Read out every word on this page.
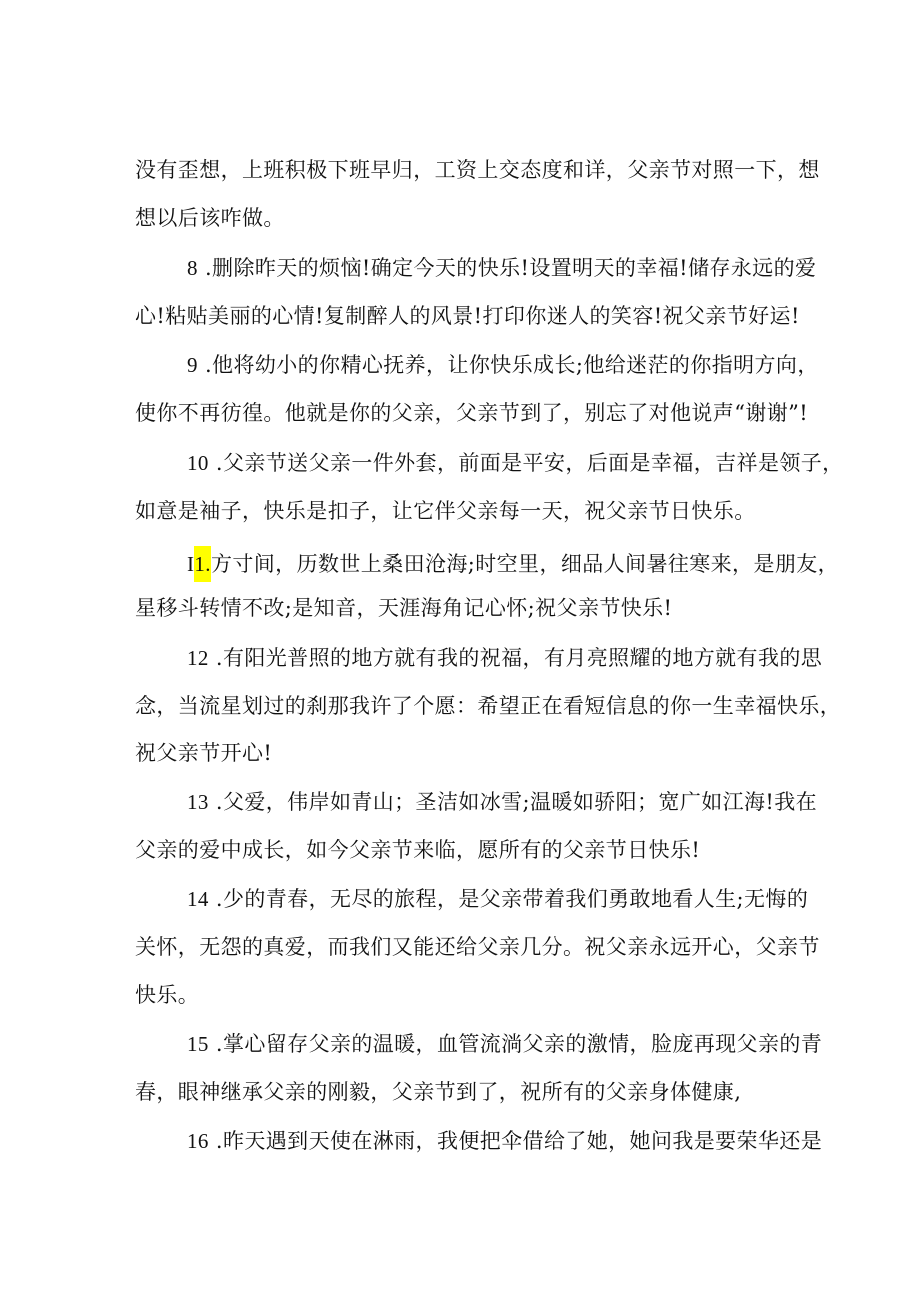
没有歪想，上班积极下班早归，工资上交态度和详，父亲节对照一下，想
想以后该咋做。
8 .删除昨天的烦恼!确定今天的快乐!设置明天的幸福!储存永远的爱
心!粘贴美丽的心情!复制醉人的风景!打印你迷人的笑容!祝父亲节好运!
9 .他将幼小的你精心抚养，让你快乐成长;他给迷茫的你指明方向，
使你不再彷徨。他就是你的父亲，父亲节到了，别忘了对他说声“谢谢”!
10 .父亲节送父亲一件外套，前面是平安，后面是幸福，吉祥是领子，
如意是袖子，快乐是扣子，让它伴父亲每一天，祝父亲节日快乐。
I1.方寸间，历数世上桑田沧海;时空里，细品人间暑往寒来，是朋友，
星移斗转情不改;是知音，天涯海角记心怀;祝父亲节快乐!
12 .有阳光普照的地方就有我的祝福，有月亮照耀的地方就有我的思
念，当流星划过的刹那我许了个愿：希望正在看短信息的你一生幸福快乐，
祝父亲节开心!
13 .父爱，伟岸如青山；圣洁如冰雪;温暖如骄阳；宽广如江海!我在
父亲的爱中成长，如今父亲节来临，愿所有的父亲节日快乐!
14 .少的青春，无尽的旅程，是父亲带着我们勇敢地看人生;无悔的
关怀，无怨的真爱，而我们又能还给父亲几分。祝父亲永远开心，父亲节
快乐。
15 .掌心留存父亲的温暖，血管流淌父亲的激情，脸庞再现父亲的青
春，眼神继承父亲的刚毅，父亲节到了，祝所有的父亲身体健康,
16 .昨天遇到天使在淋雨，我便把伞借给了她，她问我是要荣华还是
